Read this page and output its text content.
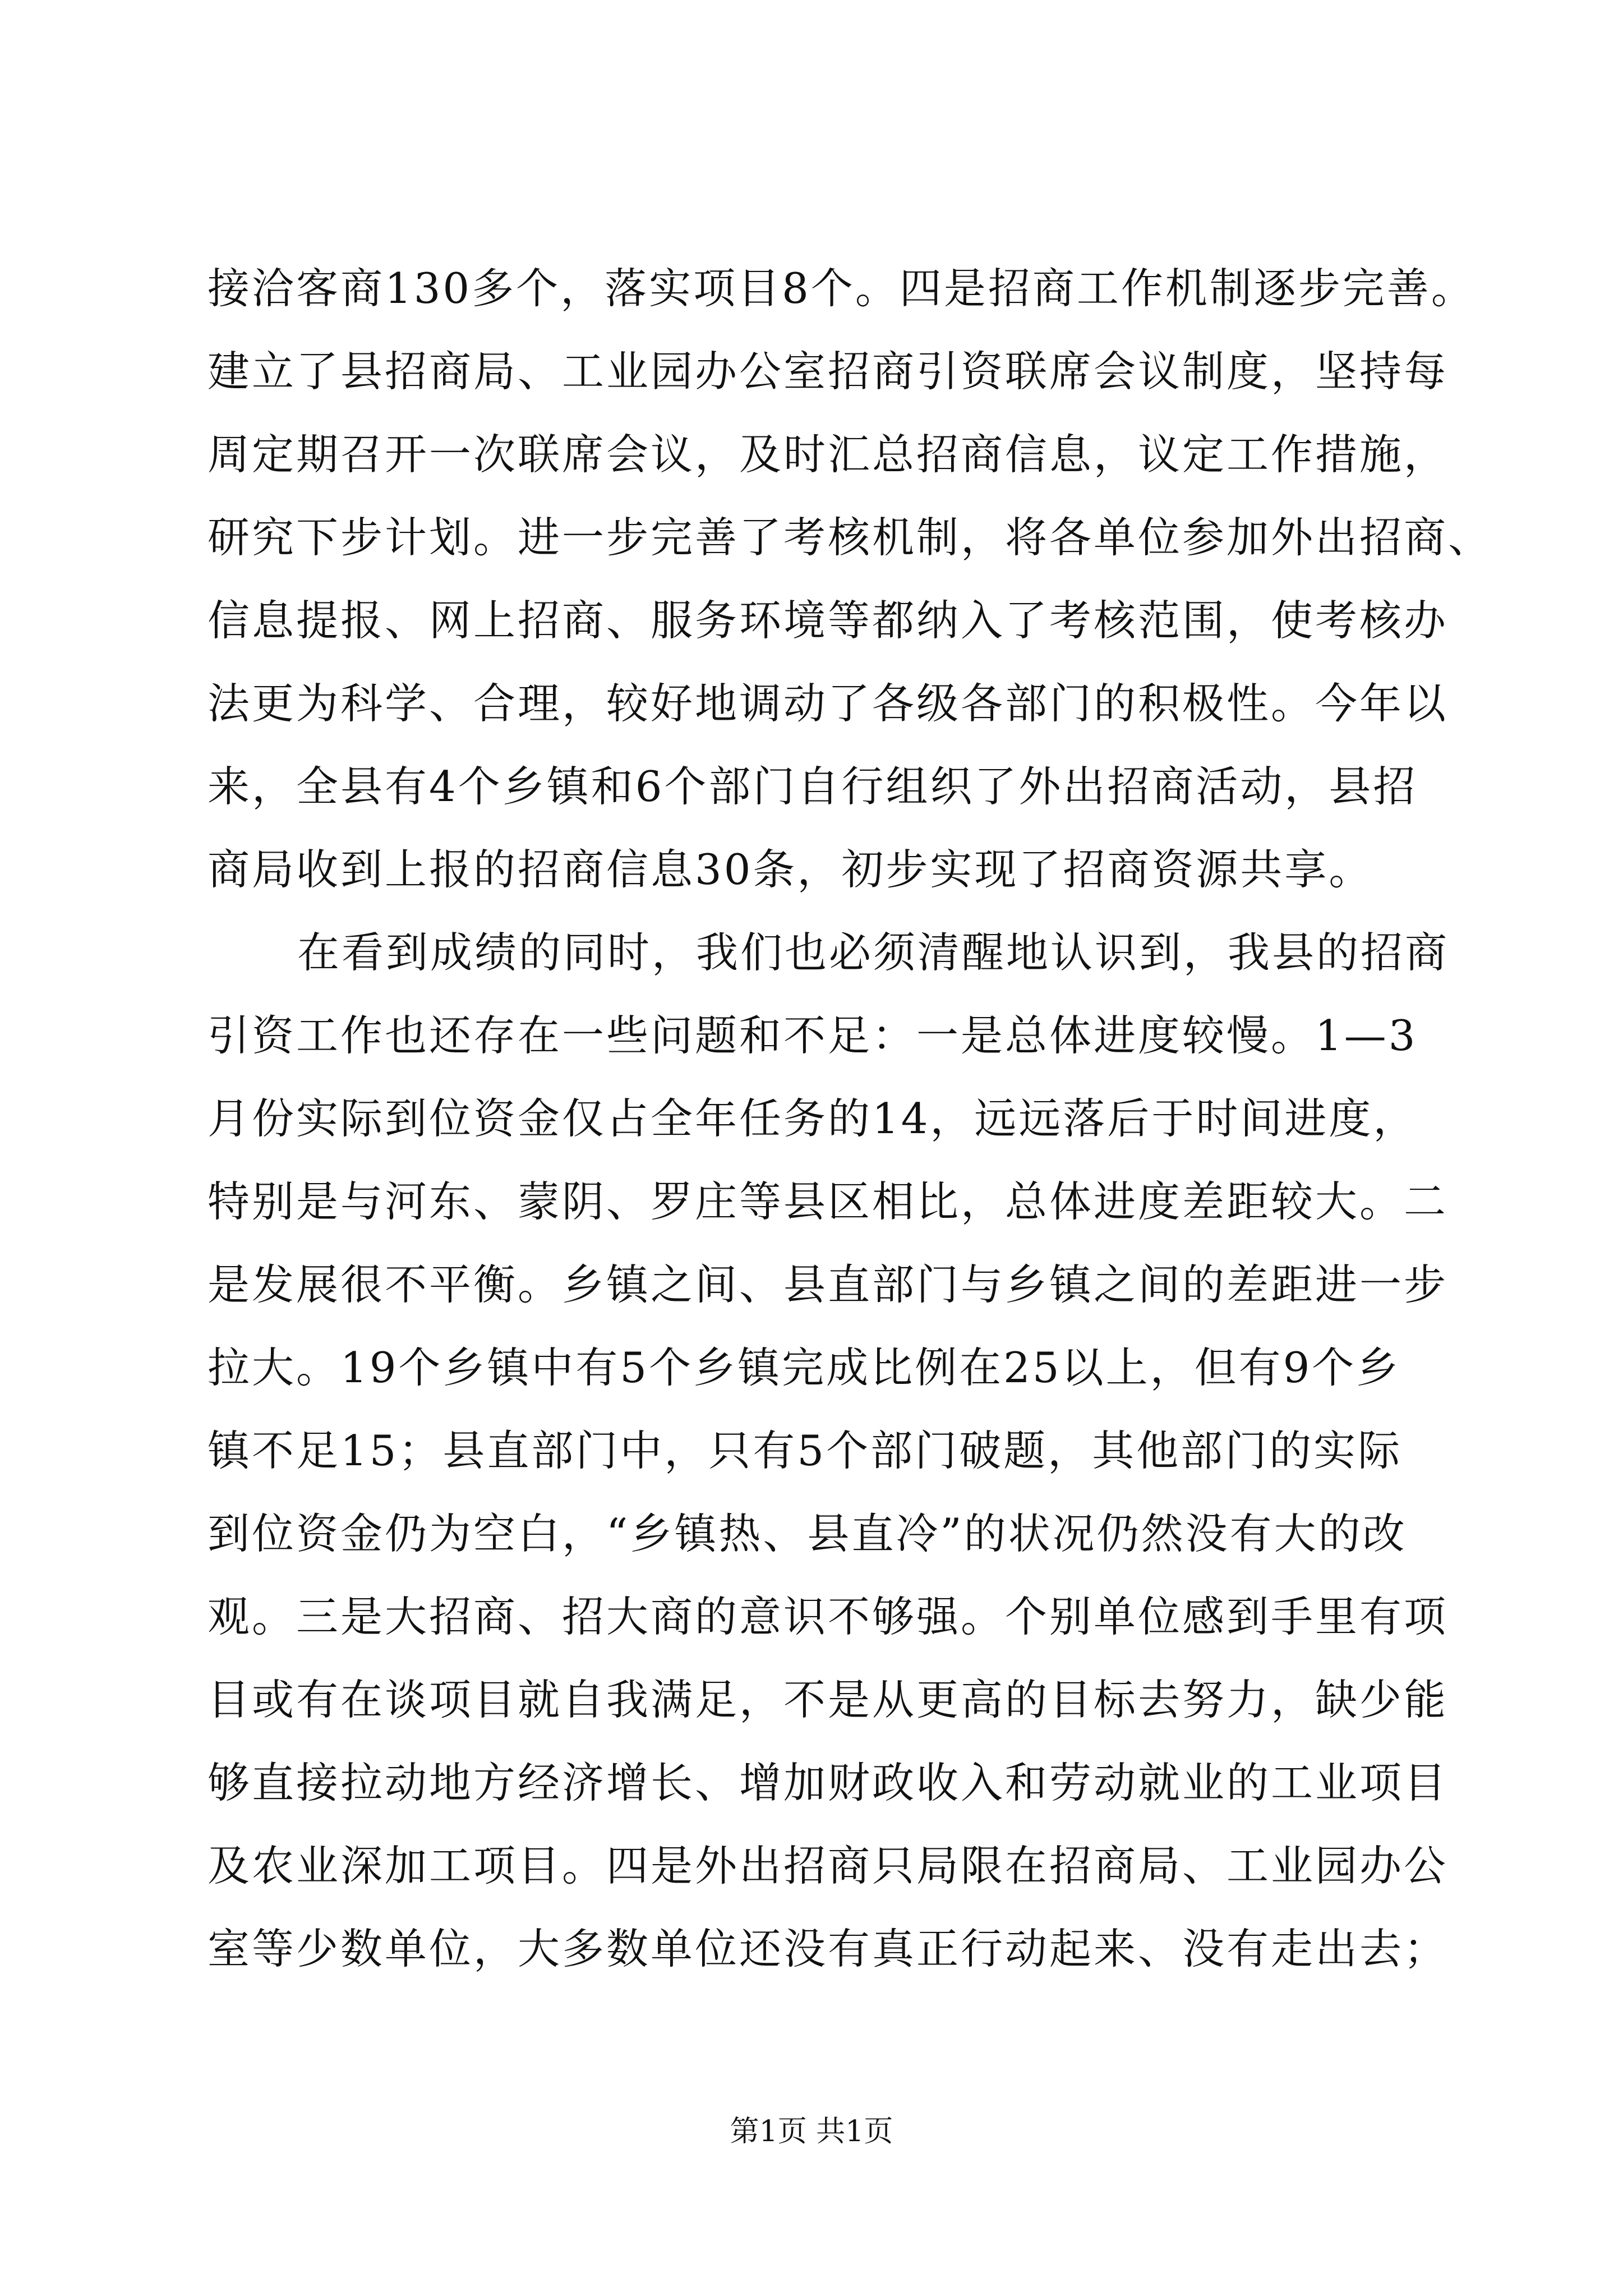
接洽客商130多个，落实项目8个。四是招商工作机制逐步完善。
建立了县招商局、工业园办公室招商引资联席会议制度，坚持每
周定期召开一次联席会议，及时汇总招商信息，议定工作措施，
研究下步计划。进一步完善了考核机制，将各单位参加外出招商、
信息提报、网上招商、服务环境等都纳入了考核范围，使考核办
法更为科学、合理，较好地调动了各级各部门的积极性。今年以
来，全县有4个乡镇和6个部门自行组织了外出招商活动，县招
商局收到上报的招商信息30条，初步实现了招商资源共享。
在看到成绩的同时，我们也必须清醒地认识到，我县的招商
引资工作也还存在一些问题和不足：一是总体进度较慢。1—3
月份实际到位资金仅占全年任务的14，远远落后于时间进度，
特别是与河东、蒙阴、罗庄等县区相比，总体进度差距较大。二
是发展很不平衡。乡镇之间、县直部门与乡镇之间的差距进一步
拉大。19个乡镇中有5个乡镇完成比例在25以上，但有9个乡
镇不足15；县直部门中，只有5个部门破题，其他部门的实际
到位资金仍为空白，“乡镇热、县直冷”的状况仍然没有大的改
观。三是大招商、招大商的意识不够强。个别单位感到手里有项
目或有在谈项目就自我满足，不是从更高的目标去努力，缺少能
够直接拉动地方经济增长、增加财政收入和劳动就业的工业项目
及农业深加工项目。四是外出招商只局限在招商局、工业园办公
室等少数单位，大多数单位还没有真正行动起来、没有走出去；
第1页 共1页
